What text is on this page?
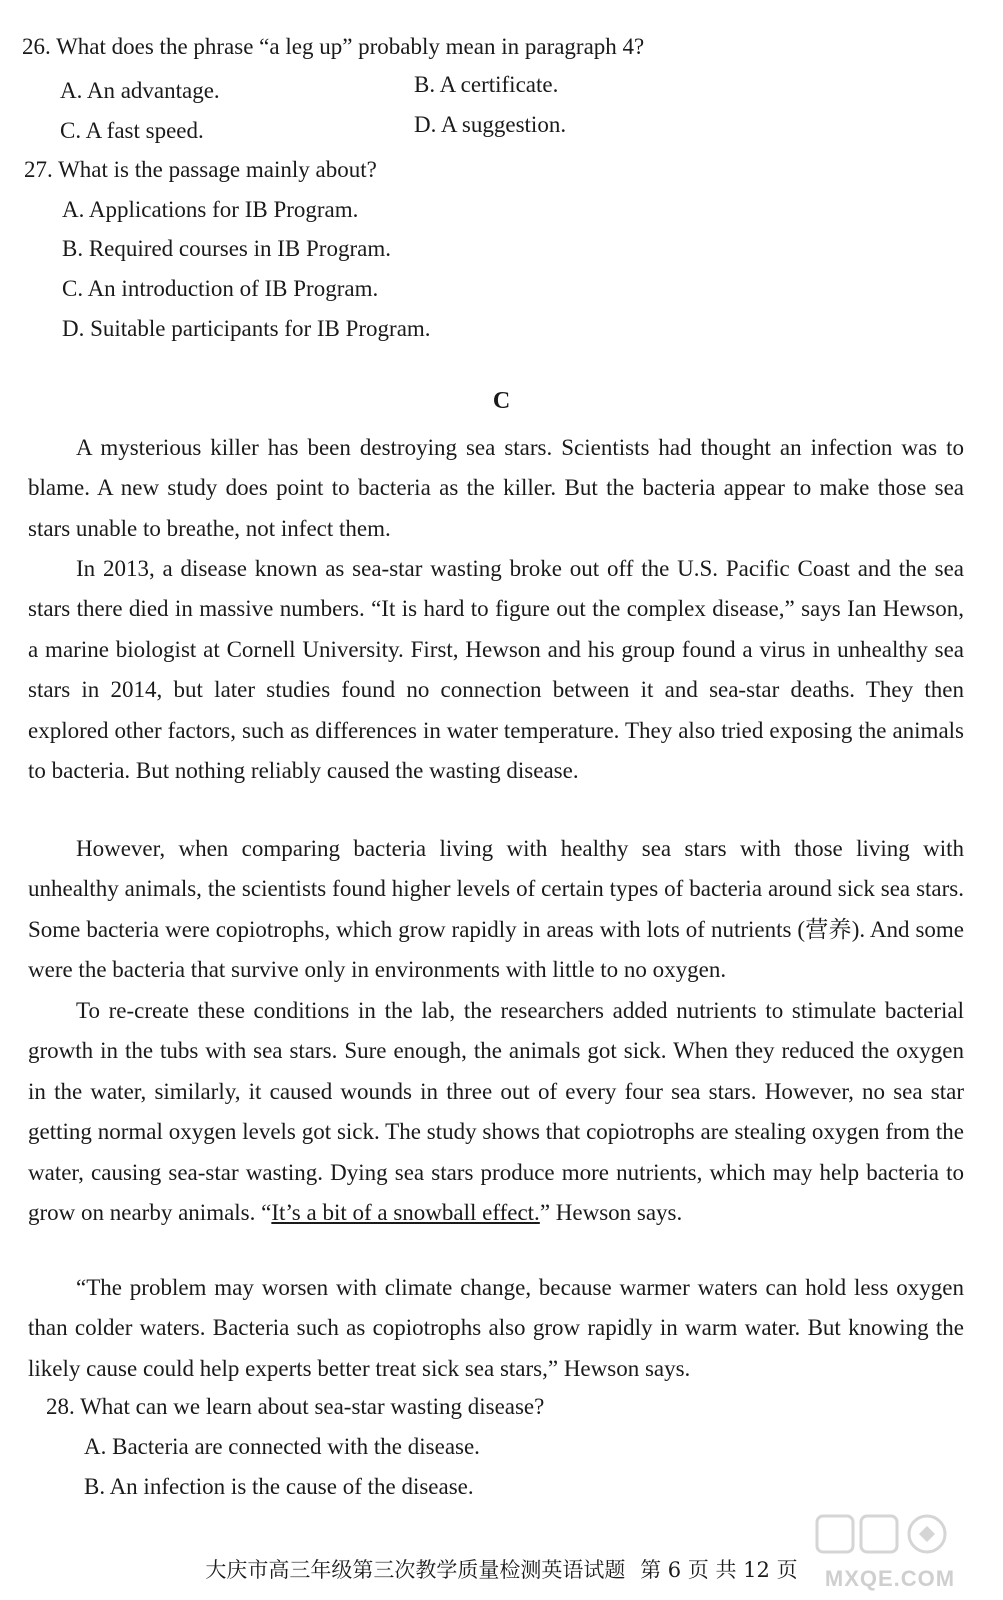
26. What does the phrase “a leg up” probably mean in paragraph 4?
A. An advantage.	B. A certificate.
C. A fast speed.	D. A suggestion.
27. What is the passage mainly about?
A. Applications for IB Program.
B. Required courses in IB Program.
C. An introduction of IB Program.
D. Suitable participants for IB Program.
C
A mysterious killer has been destroying sea stars. Scientists had thought an infection was to blame. A new study does point to bacteria as the killer. But the bacteria appear to make those sea stars unable to breathe, not infect them.
In 2013, a disease known as sea-star wasting broke out off the U.S. Pacific Coast and the sea stars there died in massive numbers. “It is hard to figure out the complex disease,” says Ian Hewson, a marine biologist at Cornell University. First, Hewson and his group found a virus in unhealthy sea stars in 2014, but later studies found no connection between it and sea-star deaths. They then explored other factors, such as differences in water temperature. They also tried exposing the animals to bacteria. But nothing reliably caused the wasting disease.
However, when comparing bacteria living with healthy sea stars with those living with unhealthy animals, the scientists found higher levels of certain types of bacteria around sick sea stars. Some bacteria were copiotrophs, which grow rapidly in areas with lots of nutrients (营养). And some were the bacteria that survive only in environments with little to no oxygen.
To re-create these conditions in the lab, the researchers added nutrients to stimulate bacterial growth in the tubs with sea stars. Sure enough, the animals got sick. When they reduced the oxygen in the water, similarly, it caused wounds in three out of every four sea stars. However, no sea star getting normal oxygen levels got sick. The study shows that copiotrophs are stealing oxygen from the water, causing sea-star wasting. Dying sea stars produce more nutrients, which may help bacteria to grow on nearby animals. “It’s a bit of a snowball effect.” Hewson says.
“The problem may worsen with climate change, because warmer waters can hold less oxygen than colder waters. Bacteria such as copiotrophs also grow rapidly in warm water. But knowing the likely cause could help experts better treat sick sea stars,” Hewson says.
28. What can we learn about sea-star wasting disease?
A. Bacteria are connected with the disease.
B. An infection is the cause of the disease.
大庆市高三年级第三次教学质量检测英语试题 第 6 页 共 12 页	MXQE.COM
